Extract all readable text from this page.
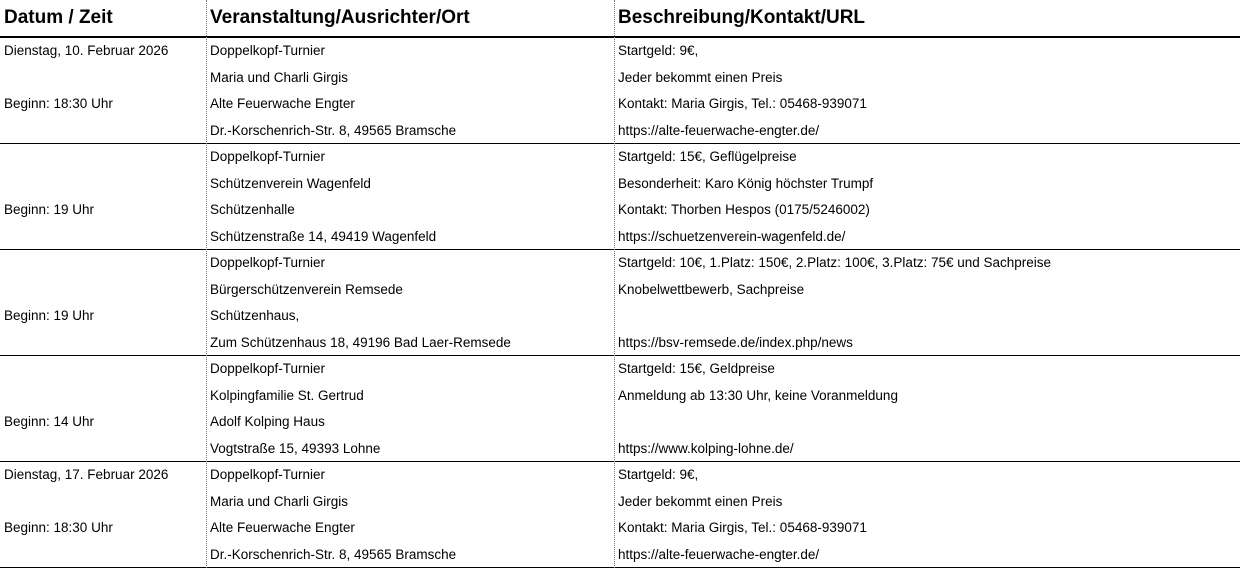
Datum / Zeit	Veranstaltung/Ausrichter/Ort	Beschreibung/Kontakt/URL
Dienstag, 10. Februar 2026
Beginn: 18:30 Uhr
Doppelkopf-Turnier
Maria und Charli Girgis
Alte Feuerwache Engter
Dr.-Korschenrich-Str. 8, 49565 Bramsche
Startgeld: 9€,
Jeder bekommt einen Preis
Kontakt: Maria Girgis, Tel.: 05468-939071
https://alte-feuerwache-engter.de/
Beginn: 19 Uhr
Doppelkopf-Turnier
Schützenverein Wagenfeld
Schützenhalle
Schützenstraße 14, 49419 Wagenfeld
Startgeld: 15€, Geflügelpreise
Besonderheit: Karo König höchster Trumpf
Kontakt: Thorben Hespos (0175/5246002)
https://schuetzenverein-wagenfeld.de/
Beginn: 19 Uhr
Doppelkopf-Turnier
Bürgerschützenverein Remsede
Schützenhaus,
Zum Schützenhaus 18, 49196 Bad Laer-Remsede
Startgeld: 10€, 1.Platz: 150€, 2.Platz: 100€, 3.Platz: 75€ und Sachpreise
Knobelwettbewerb, Sachpreise
https://bsv-remsede.de/index.php/news
Beginn: 14 Uhr
Doppelkopf-Turnier
Kolpingfamilie St. Gertrud
Adolf Kolping Haus
Vogtstraße 15, 49393 Lohne
Startgeld: 15€, Geldpreise
Anmeldung ab 13:30 Uhr, keine Voranmeldung
https://www.kolping-lohne.de/
Dienstag, 17. Februar 2026
Beginn: 18:30 Uhr
Doppelkopf-Turnier
Maria und Charli Girgis
Alte Feuerwache Engter
Dr.-Korschenrich-Str. 8, 49565 Bramsche
Startgeld: 9€,
Jeder bekommt einen Preis
Kontakt: Maria Girgis, Tel.: 05468-939071
https://alte-feuerwache-engter.de/
